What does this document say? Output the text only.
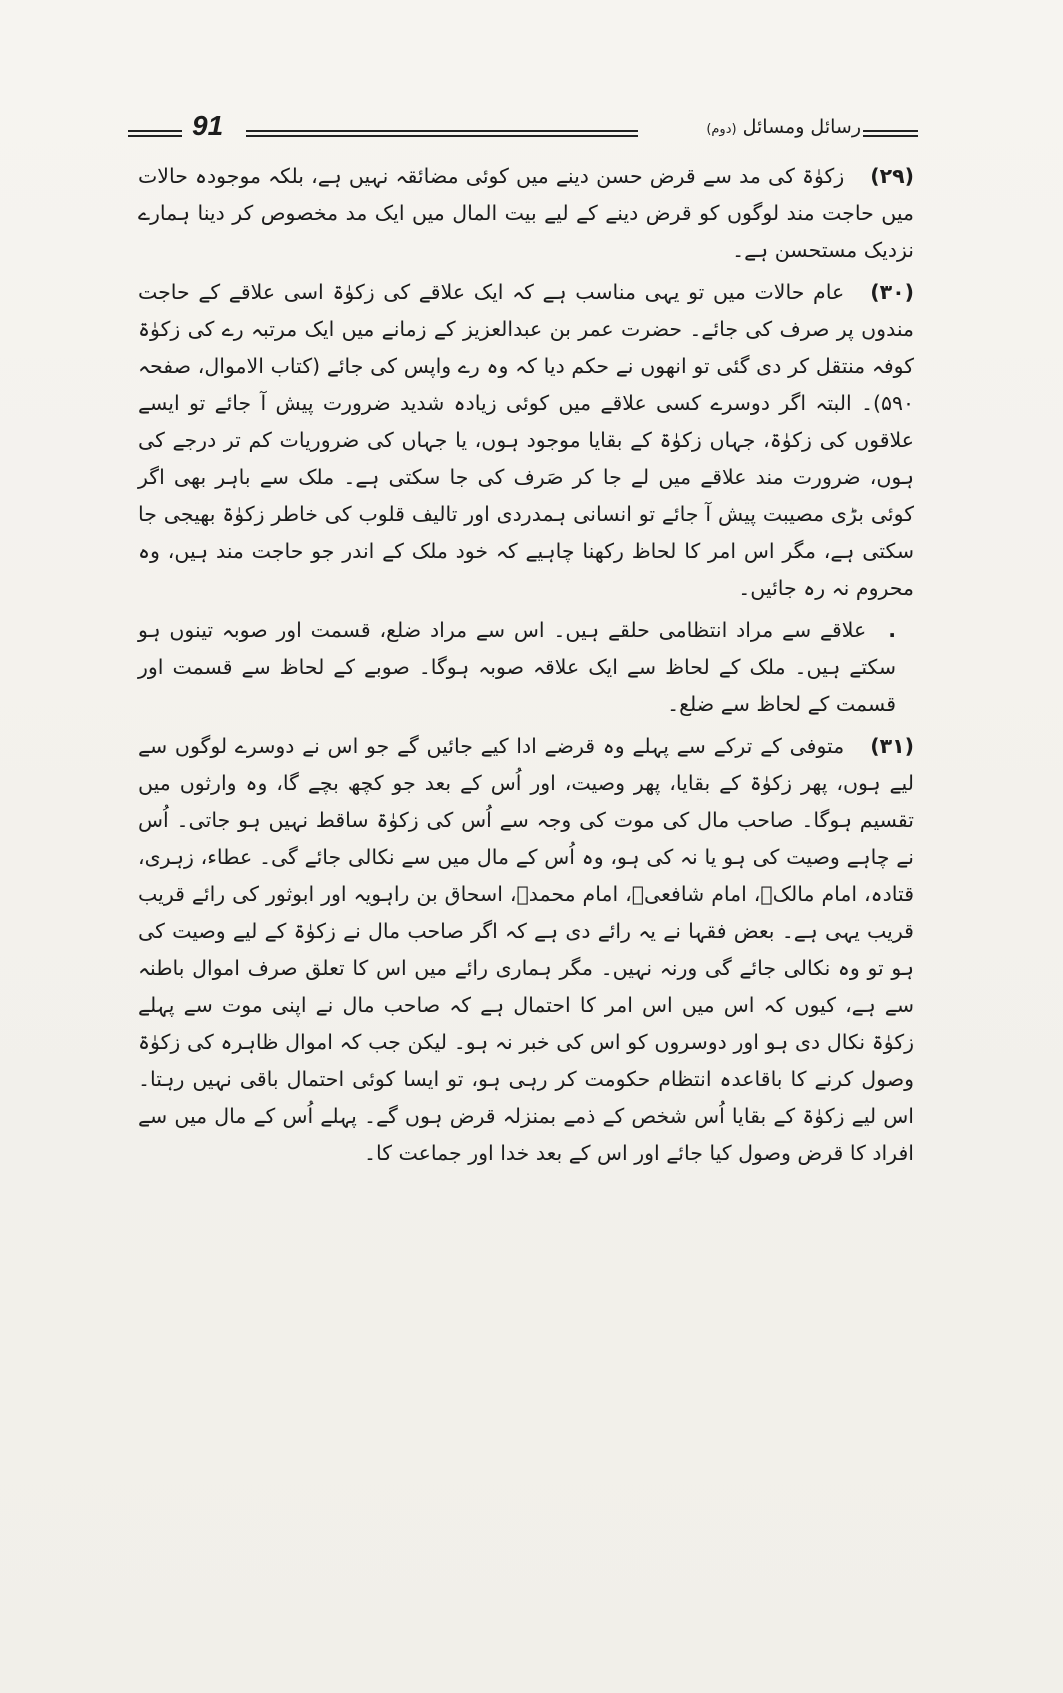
91	رسائل ومسائل (دوم)

(۲۹)زکوٰۃ کی مد سے قرض حسن دینے میں کوئی مضائقہ نہیں ہے، بلکہ موجودہ حالات میں حاجت مند لوگوں کو قرض دینے کے لیے بیت المال میں ایک مد مخصوص کر دینا ہمارے نزدیک مستحسن ہے۔

(۳۰)عام حالات میں تو یہی مناسب ہے کہ ایک علاقے کی زکوٰۃ اسی علاقے کے حاجت مندوں پر صرف کی جائے۔ حضرت عمر بن عبدالعزیز کے زمانے میں ایک مرتبہ رے کی زکوٰۃ کوفہ منتقل کر دی گئی تو انھوں نے حکم دیا کہ وہ رے واپس کی جائے (کتاب الاموال، صفحہ ۵۹۰)۔ البتہ اگر دوسرے کسی علاقے میں کوئی زیادہ شدید ضرورت پیش آ جائے تو ایسے علاقوں کی زکوٰۃ، جہاں زکوٰۃ کے بقایا موجود ہوں، یا جہاں کی ضروریات کم تر درجے کی ہوں، ضرورت مند علاقے میں لے جا کر صَرف کی جا سکتی ہے۔ ملک سے باہر بھی اگر کوئی بڑی مصیبت پیش آ جائے تو انسانی ہمدردی اور تالیف قلوب کی خاطر زکوٰۃ بھیجی جا سکتی ہے، مگر اس امر کا لحاظ رکھنا چاہیے کہ خود ملک کے اندر جو حاجت مند ہیں، وہ محروم نہ رہ جائیں۔

.علاقے سے مراد انتظامی حلقے ہیں۔ اس سے مراد ضلع، قسمت اور صوبہ تینوں ہو سکتے ہیں۔ ملک کے لحاظ سے ایک علاقہ صوبہ ہوگا۔ صوبے کے لحاظ سے قسمت اور قسمت کے لحاظ سے ضلع۔

(۳۱)متوفی کے ترکے سے پہلے وہ قرضے ادا کیے جائیں گے جو اس نے دوسرے لوگوں سے لیے ہوں، پھر زکوٰۃ کے بقایا، پھر وصیت، اور اُس کے بعد جو کچھ بچے گا، وہ وارثوں میں تقسیم ہوگا۔ صاحب مال کی موت کی وجہ سے اُس کی زکوٰۃ ساقط نہیں ہو جاتی۔ اُس نے چاہے وصیت کی ہو یا نہ کی ہو، وہ اُس کے مال میں سے نکالی جائے گی۔ عطاء، زہری، قتادہ، امام مالکؒ، امام شافعیؒ، امام محمدؒ، اسحاق بن راہویہ اور ابوثور کی رائے قریب قریب یہی ہے۔ بعض فقہا نے یہ رائے دی ہے کہ اگر صاحب مال نے زکوٰۃ کے لیے وصیت کی ہو تو وہ نکالی جائے گی ورنہ نہیں۔ مگر ہماری رائے میں اس کا تعلق صرف اموال باطنہ سے ہے، کیوں کہ اس میں اس امر کا احتمال ہے کہ صاحب مال نے اپنی موت سے پہلے زکوٰۃ نکال دی ہو اور دوسروں کو اس کی خبر نہ ہو۔ لیکن جب کہ اموال ظاہرہ کی زکوٰۃ وصول کرنے کا باقاعدہ انتظام حکومت کر رہی ہو، تو ایسا کوئی احتمال باقی نہیں رہتا۔ اس لیے زکوٰۃ کے بقایا اُس شخص کے ذمے بمنزلہ قرض ہوں گے۔ پہلے اُس کے مال میں سے افراد کا قرض وصول کیا جائے اور اس کے بعد خدا اور جماعت کا۔
